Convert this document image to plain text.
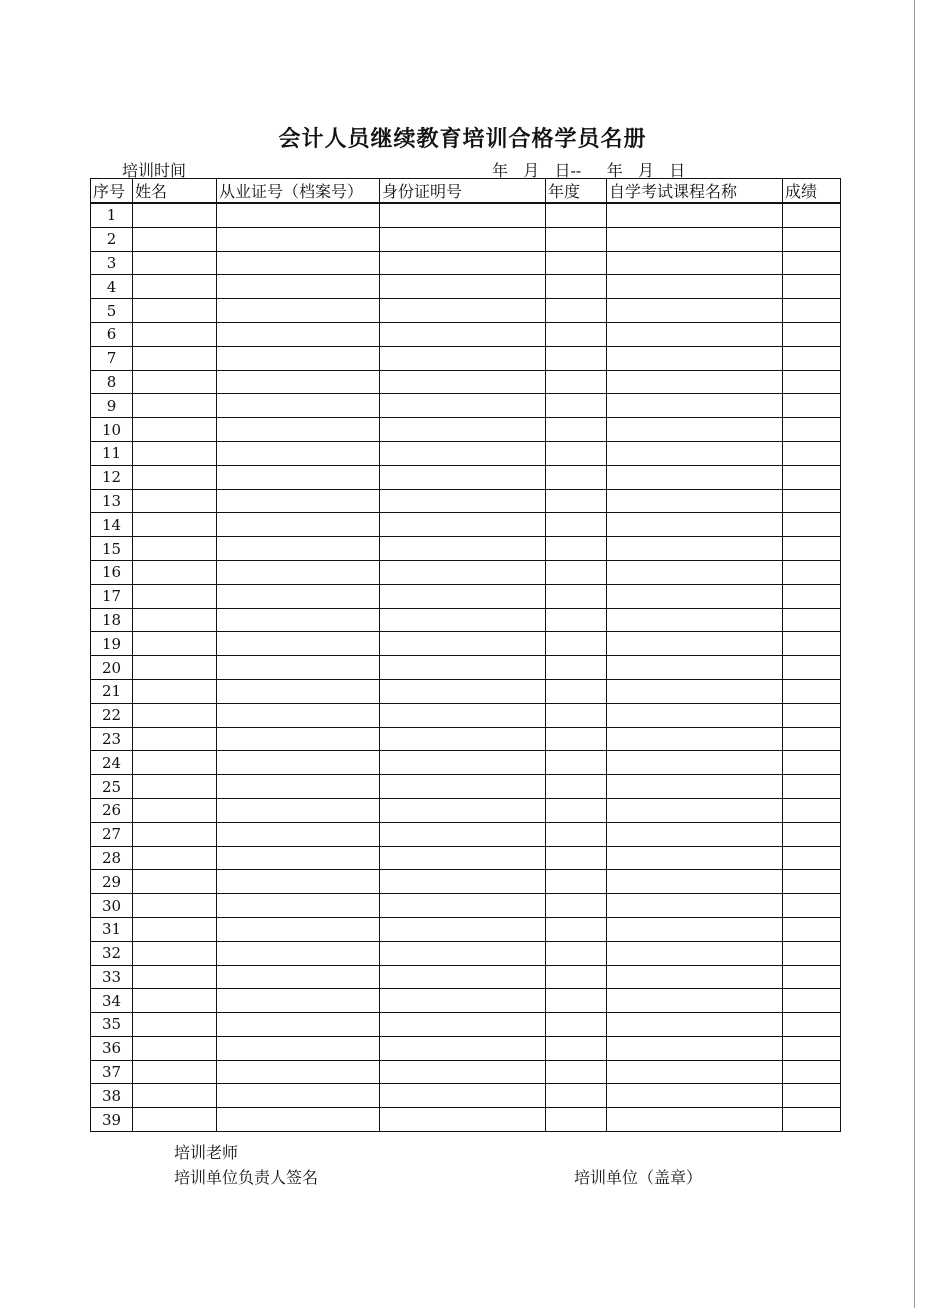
会计人员继续教育培训合格学员名册
培训时间	年   月   日--     年   月   日
序号	姓名	从业证号（档案号）	身份证明号	年度	自学考试课程名称	成绩
1						
2						
3						
4						
5						
6						
7						
8						
9						
10						
11						
12						
13						
14						
15						
16						
17						
18						
19						
20						
21						
22						
23						
24						
25						
26						
27						
28						
29						
30						
31						
32						
33						
34						
35						
36						
37						
38						
39						
培训老师
培训单位负责人签名	培训单位（盖章）
